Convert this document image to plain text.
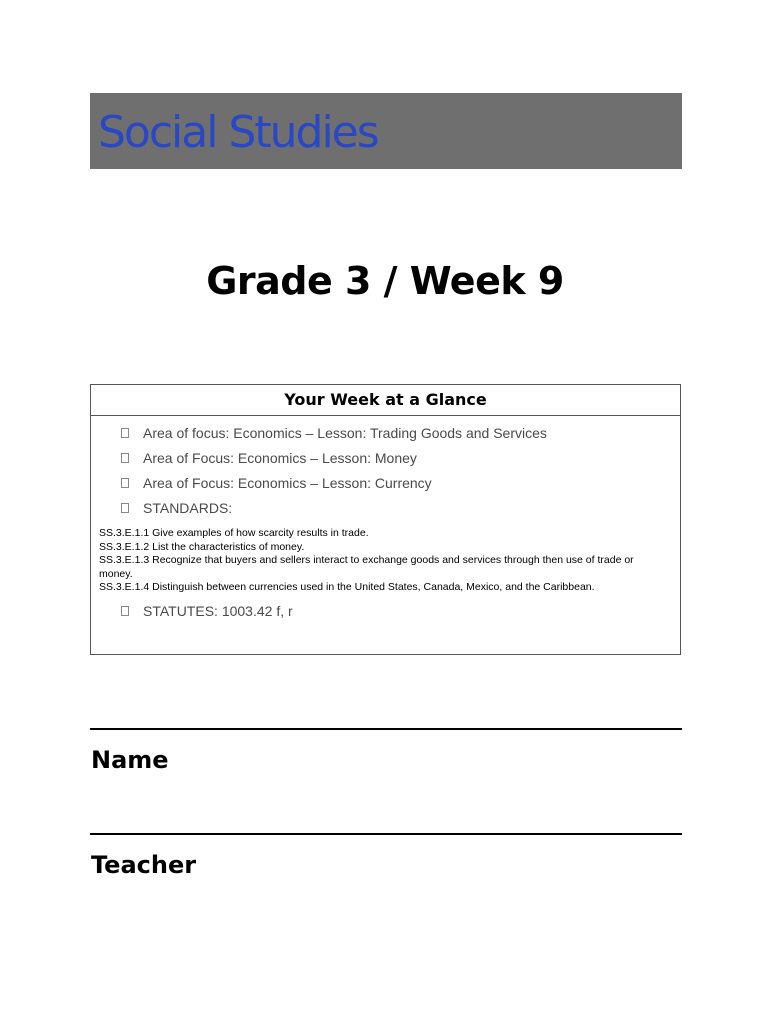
Social Studies
Grade 3 / Week 9
Your Week at a Glance
Area of focus: Economics – Lesson: Trading Goods and Services
Area of Focus: Economics – Lesson: Money
Area of Focus: Economics – Lesson: Currency
STANDARDS:
SS.3.E.1.1 Give examples of how scarcity results in trade.
SS.3.E.1.2 List the characteristics of money.
SS.3.E.1.3 Recognize that buyers and sellers interact to exchange goods and services through then use of trade or money.
SS.3.E.1.4 Distinguish between currencies used in the United States, Canada, Mexico, and the Caribbean.
STATUTES: 1003.42 f, r
Name
Teacher
